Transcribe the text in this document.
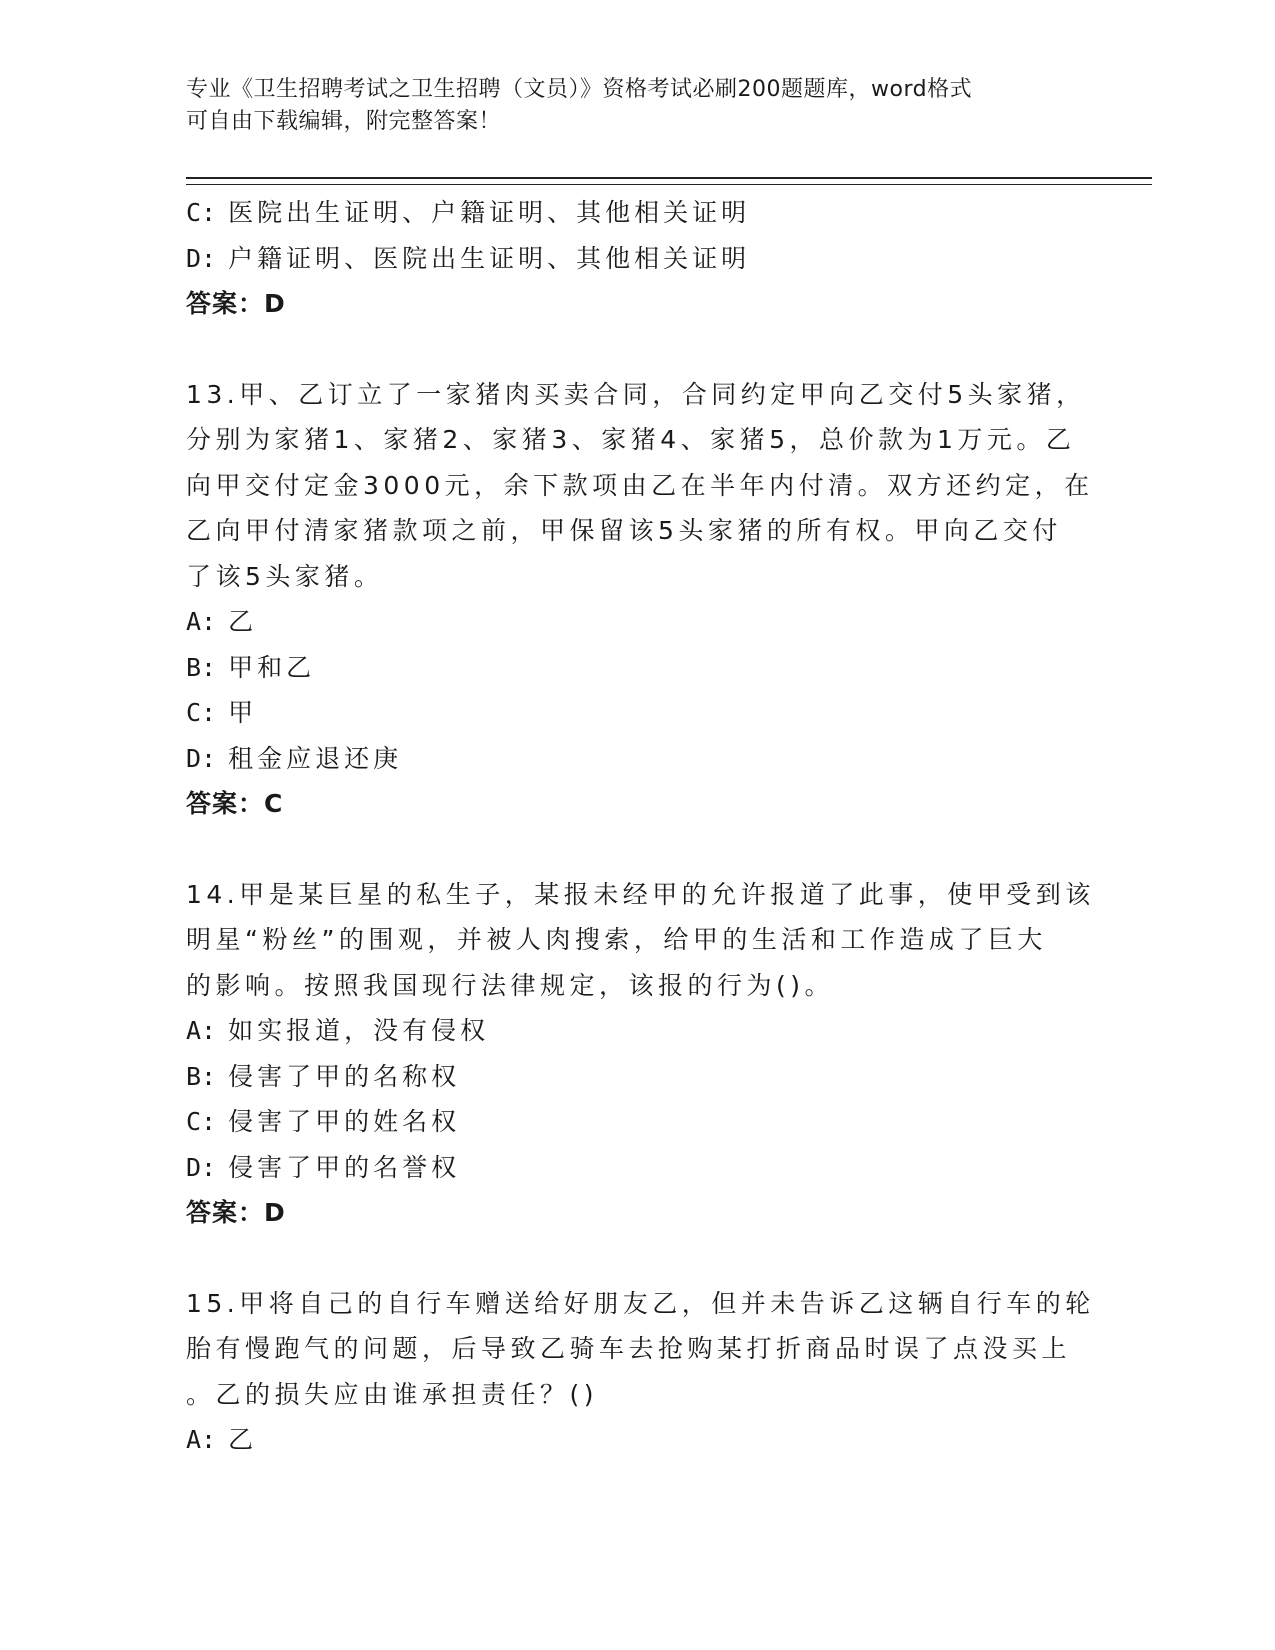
专业《卫生招聘考试之卫生招聘（文员）》资格考试必刷200题题库，word格式
可自由下载编辑，附完整答案！
C: 医院出生证明、户籍证明、其他相关证明
D: 户籍证明、医院出生证明、其他相关证明
答案：D
13.甲、乙订立了一家猪肉买卖合同，合同约定甲向乙交付5头家猪，
分别为家猪1、家猪2、家猪3、家猪4、家猪5，总价款为1万元。乙
向甲交付定金3000元，余下款项由乙在半年内付清。双方还约定，在
乙向甲付清家猪款项之前，甲保留该5头家猪的所有权。甲向乙交付
了该5头家猪。
A: 乙
B: 甲和乙
C: 甲
D: 租金应退还庚
答案：C
14.甲是某巨星的私生子，某报未经甲的允许报道了此事，使甲受到该
明星“粉丝”的围观，并被人肉搜索，给甲的生活和工作造成了巨大
的影响。按照我国现行法律规定，该报的行为()。
A: 如实报道，没有侵权
B: 侵害了甲的名称权
C: 侵害了甲的姓名权
D: 侵害了甲的名誉权
答案：D
15.甲将自己的自行车赠送给好朋友乙，但并未告诉乙这辆自行车的轮
胎有慢跑气的问题，后导致乙骑车去抢购某打折商品时误了点没买上
。乙的损失应由谁承担责任？()
A: 乙
